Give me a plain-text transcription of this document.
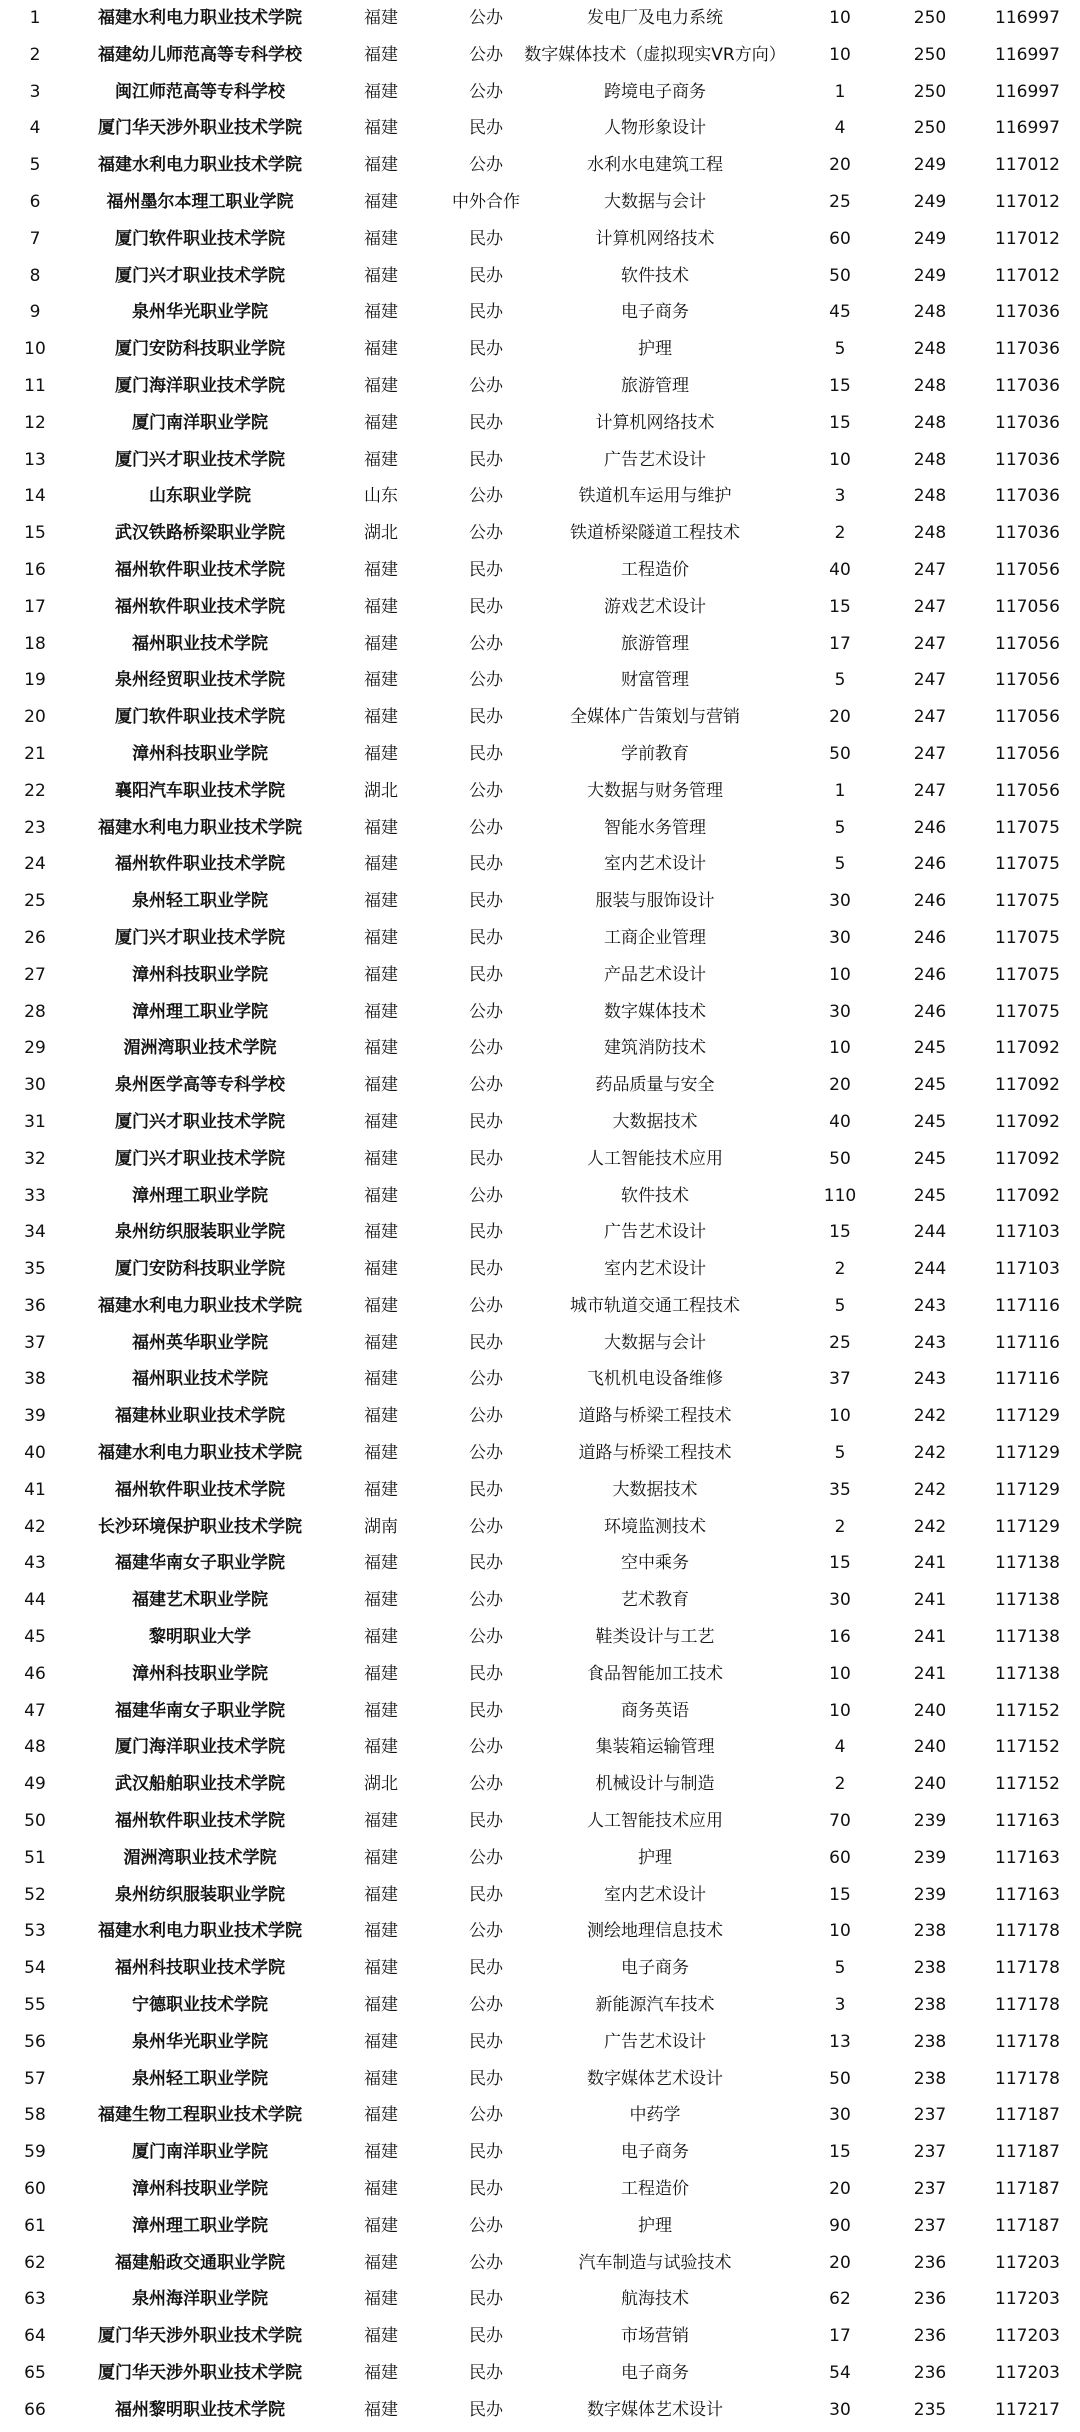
1	福建水利电力职业技术学院	福建	公办	发电厂及电力系统	10	250	116997
2	福建幼儿师范高等专科学校	福建	公办	数字媒体技术（虚拟现实VR方向）	10	250	116997
3	闽江师范高等专科学校	福建	公办	跨境电子商务	1	250	116997
4	厦门华天涉外职业技术学院	福建	民办	人物形象设计	4	250	116997
5	福建水利电力职业技术学院	福建	公办	水利水电建筑工程	20	249	117012
6	福州墨尔本理工职业学院	福建	中外合作	大数据与会计	25	249	117012
7	厦门软件职业技术学院	福建	民办	计算机网络技术	60	249	117012
8	厦门兴才职业技术学院	福建	民办	软件技术	50	249	117012
9	泉州华光职业学院	福建	民办	电子商务	45	248	117036
10	厦门安防科技职业学院	福建	民办	护理	5	248	117036
11	厦门海洋职业技术学院	福建	公办	旅游管理	15	248	117036
12	厦门南洋职业学院	福建	民办	计算机网络技术	15	248	117036
13	厦门兴才职业技术学院	福建	民办	广告艺术设计	10	248	117036
14	山东职业学院	山东	公办	铁道机车运用与维护	3	248	117036
15	武汉铁路桥梁职业学院	湖北	公办	铁道桥梁隧道工程技术	2	248	117036
16	福州软件职业技术学院	福建	民办	工程造价	40	247	117056
17	福州软件职业技术学院	福建	民办	游戏艺术设计	15	247	117056
18	福州职业技术学院	福建	公办	旅游管理	17	247	117056
19	泉州经贸职业技术学院	福建	公办	财富管理	5	247	117056
20	厦门软件职业技术学院	福建	民办	全媒体广告策划与营销	20	247	117056
21	漳州科技职业学院	福建	民办	学前教育	50	247	117056
22	襄阳汽车职业技术学院	湖北	公办	大数据与财务管理	1	247	117056
23	福建水利电力职业技术学院	福建	公办	智能水务管理	5	246	117075
24	福州软件职业技术学院	福建	民办	室内艺术设计	5	246	117075
25	泉州轻工职业学院	福建	民办	服装与服饰设计	30	246	117075
26	厦门兴才职业技术学院	福建	民办	工商企业管理	30	246	117075
27	漳州科技职业学院	福建	民办	产品艺术设计	10	246	117075
28	漳州理工职业学院	福建	公办	数字媒体技术	30	246	117075
29	湄洲湾职业技术学院	福建	公办	建筑消防技术	10	245	117092
30	泉州医学高等专科学校	福建	公办	药品质量与安全	20	245	117092
31	厦门兴才职业技术学院	福建	民办	大数据技术	40	245	117092
32	厦门兴才职业技术学院	福建	民办	人工智能技术应用	50	245	117092
33	漳州理工职业学院	福建	公办	软件技术	110	245	117092
34	泉州纺织服装职业学院	福建	民办	广告艺术设计	15	244	117103
35	厦门安防科技职业学院	福建	民办	室内艺术设计	2	244	117103
36	福建水利电力职业技术学院	福建	公办	城市轨道交通工程技术	5	243	117116
37	福州英华职业学院	福建	民办	大数据与会计	25	243	117116
38	福州职业技术学院	福建	公办	飞机机电设备维修	37	243	117116
39	福建林业职业技术学院	福建	公办	道路与桥梁工程技术	10	242	117129
40	福建水利电力职业技术学院	福建	公办	道路与桥梁工程技术	5	242	117129
41	福州软件职业技术学院	福建	民办	大数据技术	35	242	117129
42	长沙环境保护职业技术学院	湖南	公办	环境监测技术	2	242	117129
43	福建华南女子职业学院	福建	民办	空中乘务	15	241	117138
44	福建艺术职业学院	福建	公办	艺术教育	30	241	117138
45	黎明职业大学	福建	公办	鞋类设计与工艺	16	241	117138
46	漳州科技职业学院	福建	民办	食品智能加工技术	10	241	117138
47	福建华南女子职业学院	福建	民办	商务英语	10	240	117152
48	厦门海洋职业技术学院	福建	公办	集装箱运输管理	4	240	117152
49	武汉船舶职业技术学院	湖北	公办	机械设计与制造	2	240	117152
50	福州软件职业技术学院	福建	民办	人工智能技术应用	70	239	117163
51	湄洲湾职业技术学院	福建	公办	护理	60	239	117163
52	泉州纺织服装职业学院	福建	民办	室内艺术设计	15	239	117163
53	福建水利电力职业技术学院	福建	公办	测绘地理信息技术	10	238	117178
54	福州科技职业技术学院	福建	民办	电子商务	5	238	117178
55	宁德职业技术学院	福建	公办	新能源汽车技术	3	238	117178
56	泉州华光职业学院	福建	民办	广告艺术设计	13	238	117178
57	泉州轻工职业学院	福建	民办	数字媒体艺术设计	50	238	117178
58	福建生物工程职业技术学院	福建	公办	中药学	30	237	117187
59	厦门南洋职业学院	福建	民办	电子商务	15	237	117187
60	漳州科技职业学院	福建	民办	工程造价	20	237	117187
61	漳州理工职业学院	福建	公办	护理	90	237	117187
62	福建船政交通职业学院	福建	公办	汽车制造与试验技术	20	236	117203
63	泉州海洋职业学院	福建	民办	航海技术	62	236	117203
64	厦门华天涉外职业技术学院	福建	民办	市场营销	17	236	117203
65	厦门华天涉外职业技术学院	福建	民办	电子商务	54	236	117203
66	福州黎明职业技术学院	福建	民办	数字媒体艺术设计	30	235	117217
